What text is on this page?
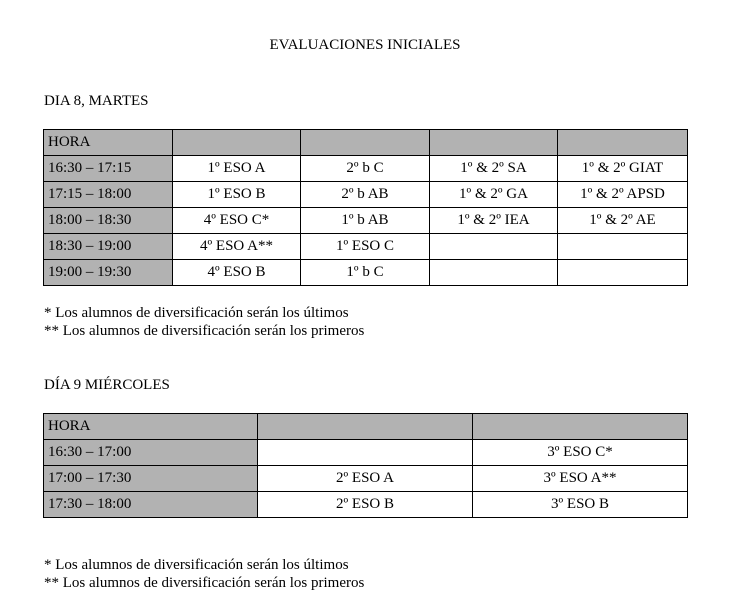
EVALUACIONES INICIALES
DIA 8, MARTES
HORA				
16:30 – 17:15	1º ESO A	2º b C	1º & 2º SA	1º & 2º GIAT
17:15 – 18:00	1º ESO B	2º b AB	1º & 2º GA	1º & 2º APSD
18:00 – 18:30	4º ESO C*	1º b AB	1º & 2º IEA	1º & 2º AE
18:30 – 19:00	4º ESO A**	1º ESO C		
19:00 – 19:30	4º ESO B	1º b C		
* Los alumnos de diversificación serán los últimos
** Los alumnos de diversificación serán los primeros
DÍA 9 MIÉRCOLES
HORA		
16:30 – 17:00		3º ESO C*
17:00 – 17:30	2º ESO A	3º ESO A**
17:30 – 18:00	2º ESO B	3º ESO B
* Los alumnos de diversificación serán los últimos
** Los alumnos de diversificación serán los primeros
